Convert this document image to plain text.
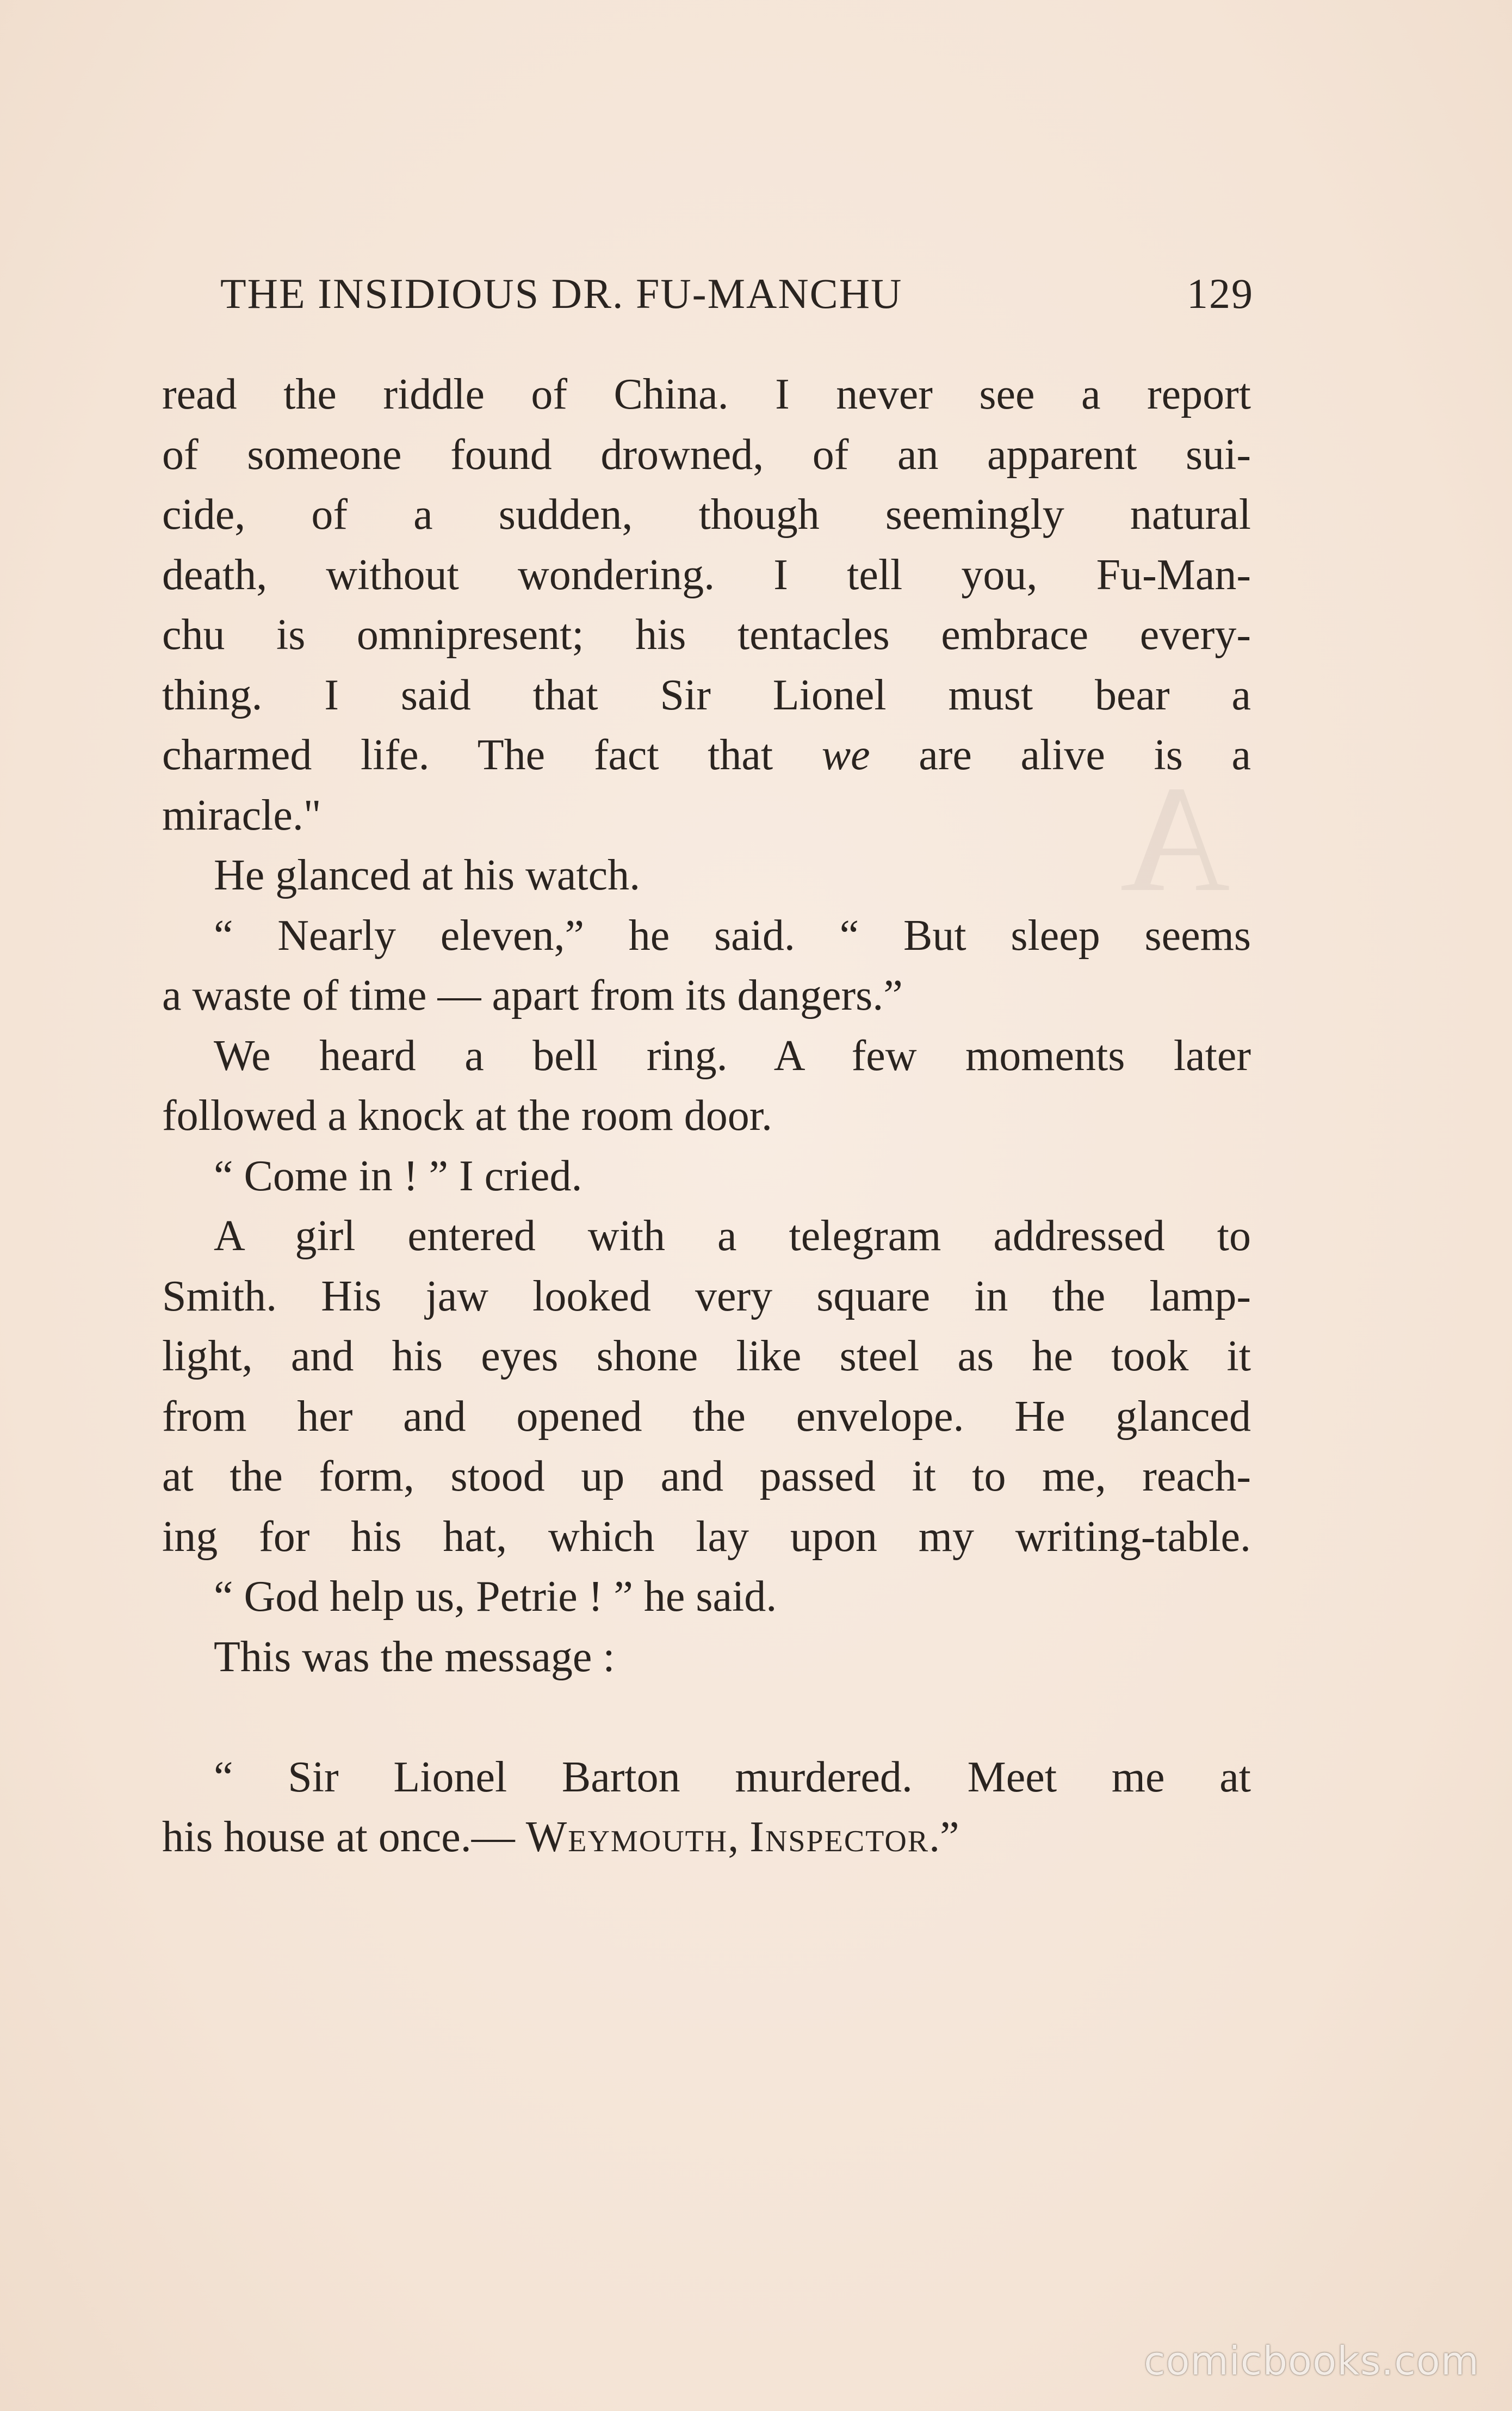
A
THE INSIDIOUS DR. FU-MANCHU	129
read the riddle of China. I never see a report
of someone found drowned, of an apparent sui-
cide, of a sudden, though seemingly natural
death, without wondering. I tell you, Fu-Man-
chu is omnipresent; his tentacles embrace every-
thing. I said that Sir Lionel must bear a
charmed life. The fact that we are alive is a
miracle."
He glanced at his watch.
“ Nearly eleven,” he said. “ But sleep seems
a waste of time — apart from its dangers.”
We heard a bell ring. A few moments later
followed a knock at the room door.
“ Come in ! ” I cried.
A girl entered with a telegram addressed to
Smith. His jaw looked very square in the lamp-
light, and his eyes shone like steel as he took it
from her and opened the envelope. He glanced
at the form, stood up and passed it to me, reach-
ing for his hat, which lay upon my writing-table.
“ God help us, Petrie ! ” he said.
This was the message :
“ Sir Lionel Barton murdered. Meet me at
his house at once.— Weymouth, Inspector.”
comicbooks.com
